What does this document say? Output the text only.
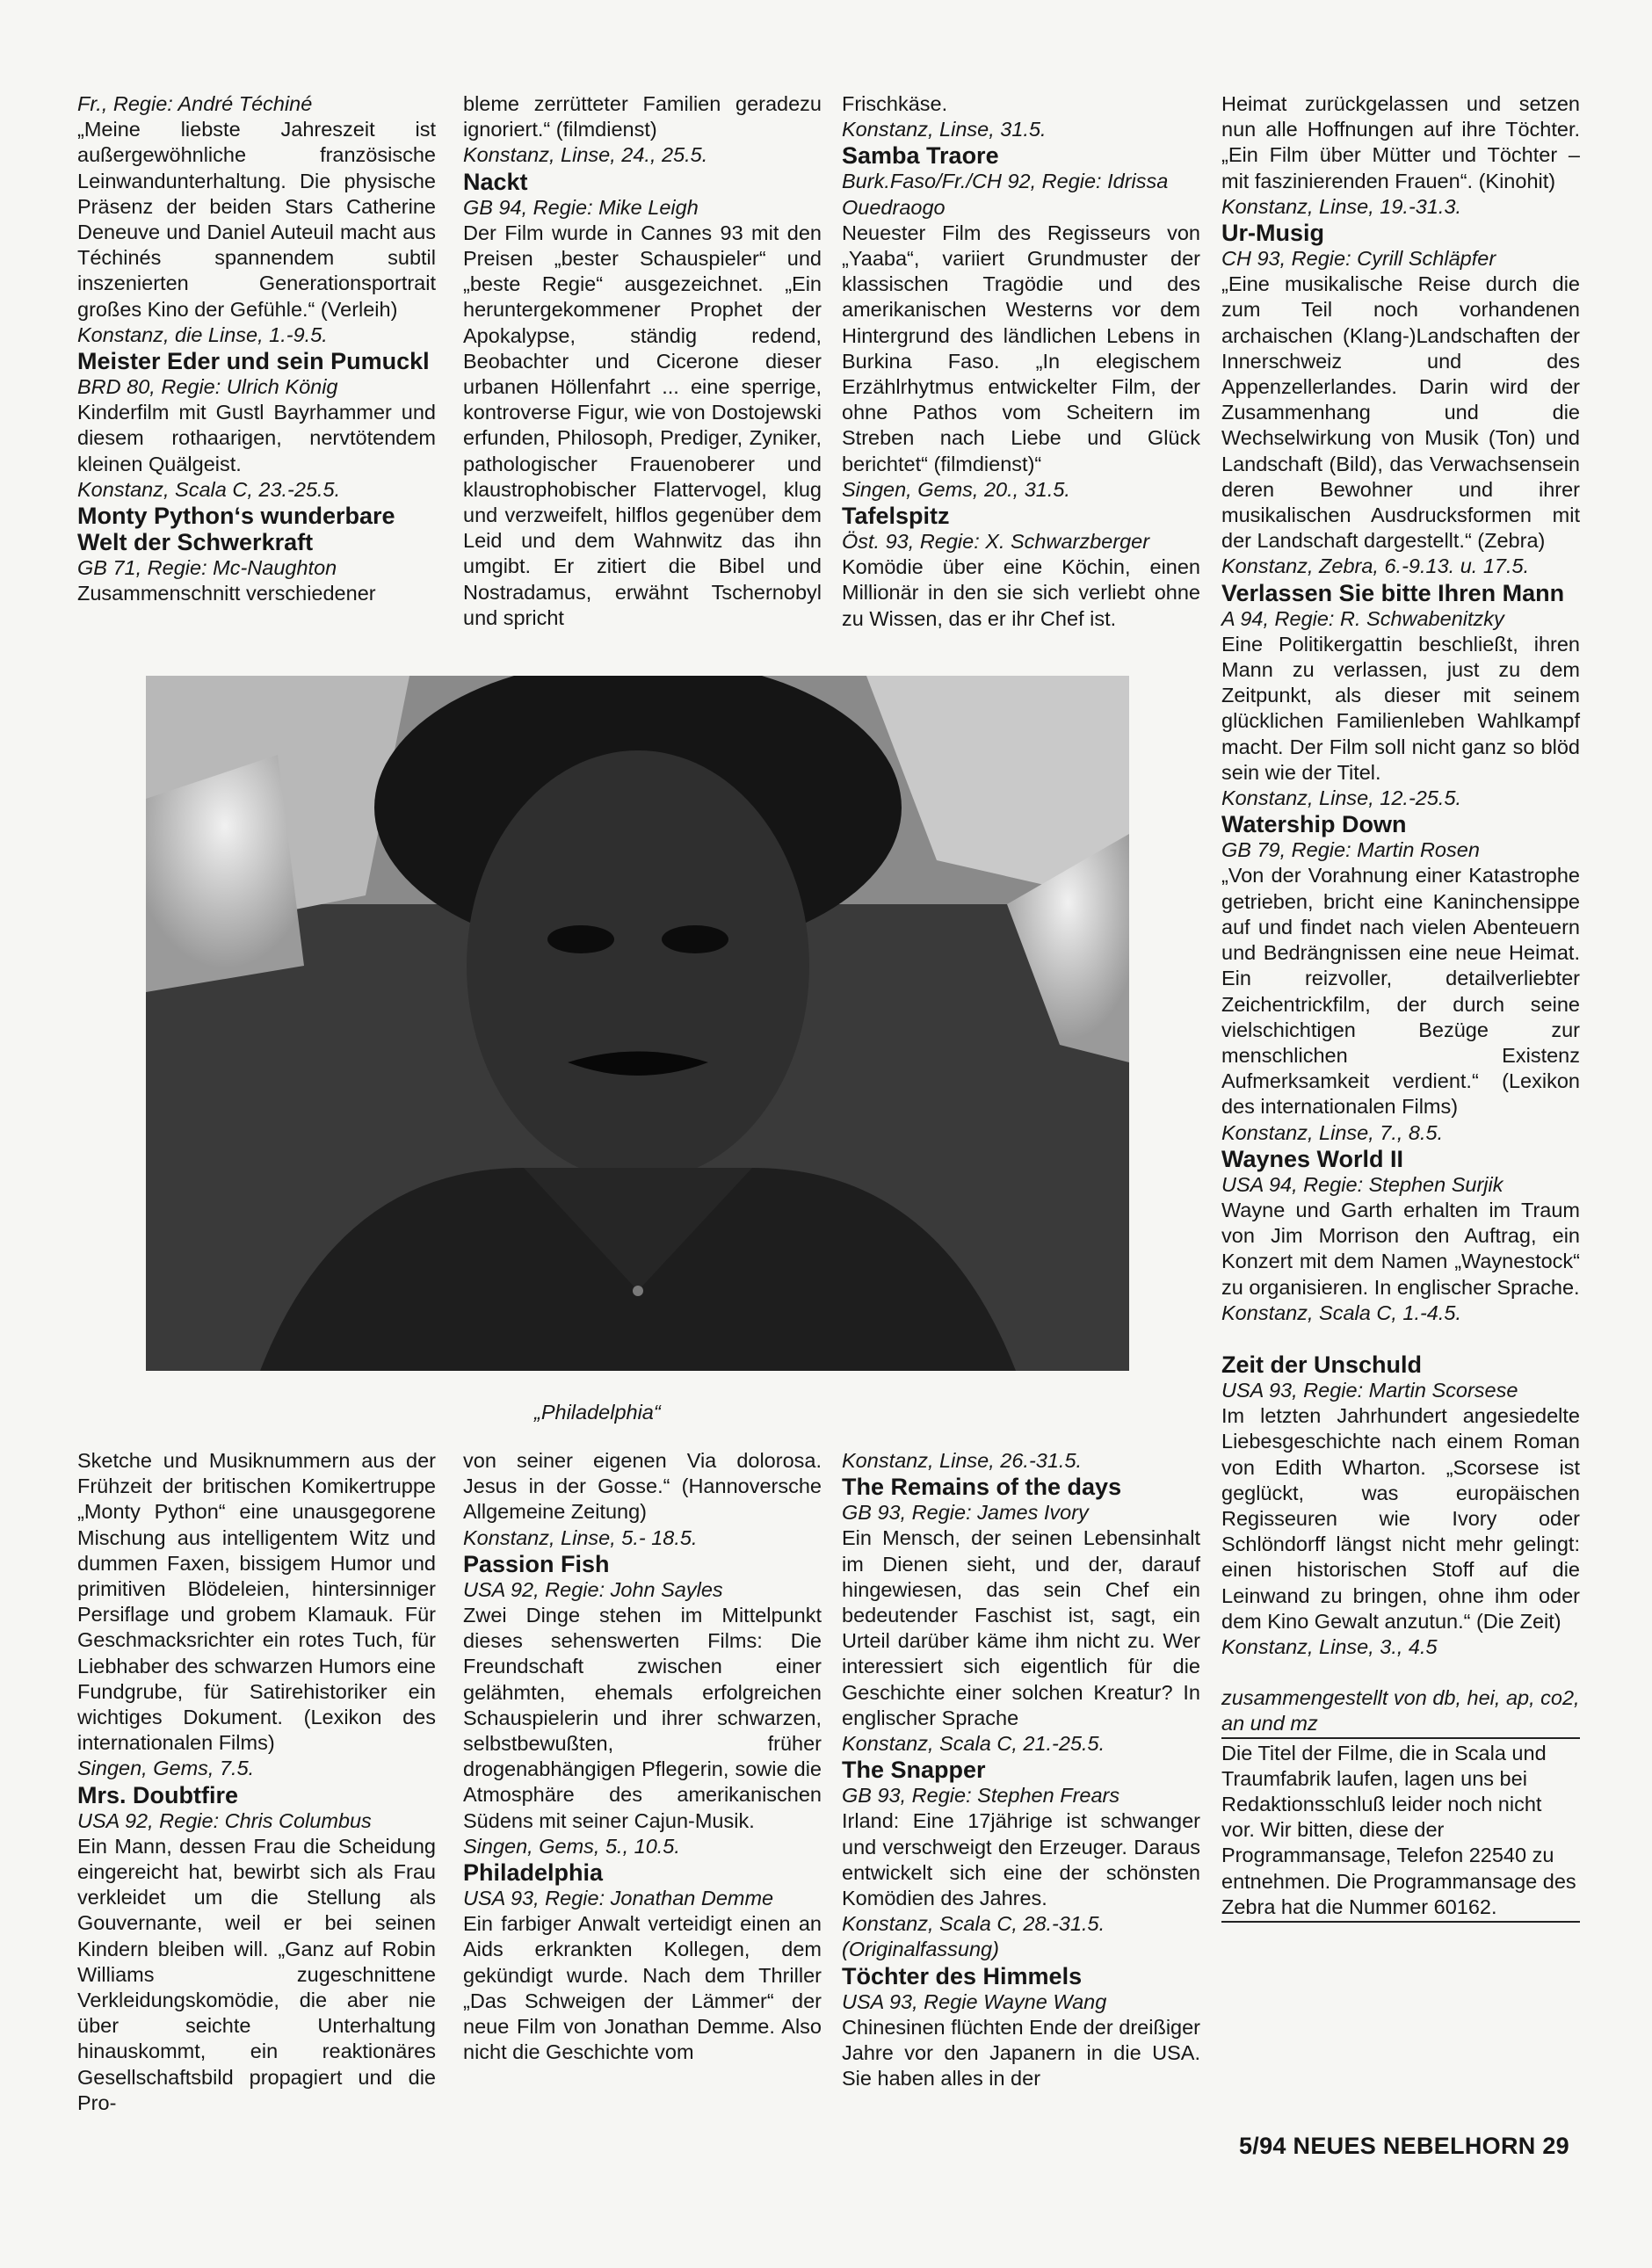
Fr., Regie: André Téchiné

„Meine liebste Jahreszeit ist außergewöhnliche französische Leinwandunterhaltung. Die physische Präsenz der beiden Stars Catherine Deneuve und Daniel Auteuil macht aus Téchinés spannendem subtil inszenierten Generationsportrait großes Kino der Gefühle.“ (Verleih)

Konstanz, die Linse, 1.-9.5.

Meister Eder und sein Pumuckl

BRD 80, Regie: Ulrich König

Kinderfilm mit Gustl Bayrhammer und diesem rothaarigen, nervtötendem kleinen Quälgeist.

Konstanz, Scala C, 23.-25.5.

Monty Python‘s wunderbare Welt der Schwerkraft

GB 71, Regie: Mc-Naughton

Zusammenschnitt verschiedener

bleme zerrütteter Familien geradezu ignoriert.“ (filmdienst)

Konstanz, Linse, 24., 25.5.

Nackt

GB 94, Regie: Mike Leigh

Der Film wurde in Cannes 93 mit den Preisen „bester Schauspieler“ und „beste Regie“ ausgezeichnet. „Ein heruntergekommener Prophet der Apokalypse, ständig redend, Beobachter und Cicerone dieser urbanen Höllenfahrt ... eine sperrige, kontroverse Figur, wie von Dostojewski erfunden, Philosoph, Prediger, Zyniker, pathologischer Frauenoberer und klaustrophobischer Flattervogel, klug und verzweifelt, hilflos gegenüber dem Leid und dem Wahnwitz das ihn umgibt. Er zitiert die Bibel und Nostradamus, erwähnt Tschernobyl und spricht

Frischkäse.

Konstanz, Linse, 31.5.

Samba Traore

Burk.Faso/Fr./CH 92, Regie: Idrissa Ouedraogo

Neuester Film des Regisseurs von „Yaaba“, variiert Grundmuster der klassischen Tragödie und des amerikanischen Westerns vor dem Hintergrund des ländlichen Lebens in Burkina Faso. „In elegischem Erzählrhytmus entwickelter Film, der ohne Pathos vom Scheitern im Streben nach Liebe und Glück berichtet“ (filmdienst)“

Singen, Gems, 20., 31.5.

Tafelspitz

Öst. 93, Regie: X. Schwarzberger

Komödie über eine Köchin, einen Millionär in den sie sich verliebt ohne zu Wissen, das er ihr Chef ist.

Heimat zurückgelassen und setzen nun alle Hoffnungen auf ihre Töchter. „Ein Film über Mütter und Töchter – mit faszinierenden Frauen“. (Kinohit)

Konstanz, Linse, 19.-31.3.

Ur-Musig

CH 93, Regie: Cyrill Schläpfer

„Eine musikalische Reise durch die zum Teil noch vorhandenen archaischen (Klang-)Landschaften der Innerschweiz und des Appenzellerlandes. Darin wird der Zusammenhang und die Wechselwirkung von Musik (Ton) und Landschaft (Bild), das Verwachsensein deren Bewohner und ihrer musikalischen Ausdrucksformen mit der Landschaft dargestellt.“ (Zebra)

Konstanz, Zebra, 6.-9.13. u. 17.5.

Verlassen Sie bitte Ihren Mann

A 94, Regie: R. Schwabenitzky

Eine Politikergattin beschließt, ihren Mann zu verlassen, just zu dem Zeitpunkt, als dieser mit seinem glücklichen Familienleben Wahlkampf macht. Der Film soll nicht ganz so blöd sein wie der Titel.

Konstanz, Linse, 12.-25.5.

Watership Down

GB 79, Regie: Martin Rosen

„Von der Vorahnung einer Katastrophe getrieben, bricht eine Kaninchensippe auf und findet nach vielen Abenteuern und Bedrängnissen eine neue Heimat. Ein reizvoller, detailverliebter Zeichentrickfilm, der durch seine vielschichtigen Bezüge zur menschlichen Existenz Aufmerksamkeit verdient.“ (Lexikon des internationalen Films)

Konstanz, Linse, 7., 8.5.

Waynes World II

USA 94, Regie: Stephen Surjik

Wayne und Garth erhalten im Traum von Jim Morrison den Auftrag, ein Konzert mit dem Namen „Waynestock“ zu organisieren. In englischer Sprache.

Konstanz, Scala C, 1.-4.5.

Zeit der Unschuld

USA 93, Regie: Martin Scorsese

Im letzten Jahrhundert angesiedelte Liebesgeschichte nach einem Roman von Edith Wharton. „Scorsese ist geglückt, was europäischen Regisseuren wie Ivory oder Schlöndorff längst nicht mehr gelingt: einen historischen Stoff auf die Leinwand zu bringen, ohne ihm oder dem Kino Gewalt anzutun.“ (Die Zeit)

Konstanz, Linse, 3., 4.5

zusammengestellt von db, hei, ap, co2, an und mz

Die Titel der Filme, die in Scala und Traumfabrik laufen, lagen uns bei Redaktionsschluß leider noch nicht vor. Wir bitten, diese der Programmansage, Telefon 22540 zu entnehmen. Die Programmansage des Zebra hat die Nummer 60162.

„Philadelphia“

Sketche und Musiknummern aus der Frühzeit der britischen Komikertruppe „Monty Python“ eine unausgegorene Mischung aus intelligentem Witz und dummen Faxen, bissigem Humor und primitiven Blödeleien, hintersinniger Persiflage und grobem Klamauk. Für Geschmacksrichter ein rotes Tuch, für Liebhaber des schwarzen Humors eine Fundgrube, für Satirehistoriker ein wichtiges Dokument. (Lexikon des internationalen Films)

Singen, Gems, 7.5.

Mrs. Doubtfire

USA 92, Regie: Chris Columbus

Ein Mann, dessen Frau die Scheidung eingereicht hat, bewirbt sich als Frau verkleidet um die Stellung als Gouvernante, weil er bei seinen Kindern bleiben will. „Ganz auf Robin Williams zugeschnittene Verkleidungskomödie, die aber nie über seichte Unterhaltung hinauskommt, ein reaktionäres Gesellschaftsbild propagiert und die Pro-

von seiner eigenen Via dolorosa. Jesus in der Gosse.“ (Hannoversche Allgemeine Zeitung)

Konstanz, Linse, 5.- 18.5.

Passion Fish

USA 92, Regie: John Sayles

Zwei Dinge stehen im Mittelpunkt dieses sehenswerten Films: Die Freundschaft zwischen einer gelähmten, ehemals erfolgreichen Schauspielerin und ihrer schwarzen, selbstbewußten, früher drogenabhängigen Pflegerin, sowie die Atmosphäre des amerikanischen Südens mit seiner Cajun-Musik.

Singen, Gems, 5., 10.5.

Philadelphia

USA 93, Regie: Jonathan Demme

Ein farbiger Anwalt verteidigt einen an Aids erkrankten Kollegen, dem gekündigt wurde. Nach dem Thriller „Das Schweigen der Lämmer“ der neue Film von Jonathan Demme. Also nicht die Geschichte vom

Konstanz, Linse, 26.-31.5.

The Remains of the days

GB 93, Regie: James Ivory

Ein Mensch, der seinen Lebensinhalt im Dienen sieht, und der, darauf hingewiesen, das sein Chef ein bedeutender Faschist ist, sagt, ein Urteil darüber käme ihm nicht zu. Wer interessiert sich eigentlich für die Geschichte einer solchen Kreatur? In englischer Sprache

Konstanz, Scala C, 21.-25.5.

The Snapper

GB 93, Regie: Stephen Frears

Irland: Eine 17jährige ist schwanger und verschweigt den Erzeuger. Daraus entwickelt sich eine der schönsten Komödien des Jahres.

Konstanz, Scala C, 28.-31.5. (Originalfassung)

Töchter des Himmels

USA 93, Regie Wayne Wang

Chinesinen flüchten Ende der dreißiger Jahre vor den Japanern in die USA. Sie haben alles in der

5/94 NEUES NEBELHORN 29
